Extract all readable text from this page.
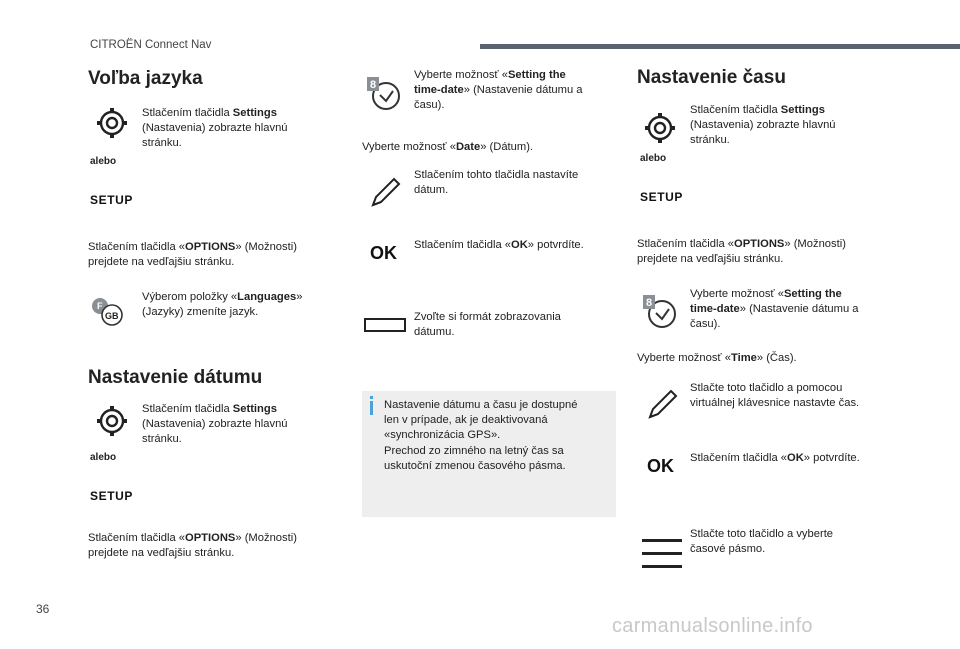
CITROËN Connect Nav
Voľba jazyka
Stlačením tlačidla Settings
(Nastavenia) zobrazte hlavnú
stránku.
alebo
SETUP
Stlačením tlačidla «OPTIONS» (Možnosti)
prejdete na vedľajšiu stránku.
F
GB
Výberom položky «Languages»
(Jazyky) zmeníte jazyk.
Nastavenie dátumu
Stlačením tlačidla Settings
(Nastavenia) zobrazte hlavnú
stránku.
alebo
SETUP
Stlačením tlačidla «OPTIONS» (Možnosti)
prejdete na vedľajšiu stránku.
8
Vyberte možnosť «Setting the
time-date» (Nastavenie dátumu a
času).
Vyberte možnosť «Date» (Dátum).
Stlačením tohto tlačidla nastavíte
dátum.
OK Stlačením tlačidla «OK» potvrdíte.
Zvoľte si formát zobrazovania
dátumu.
Nastavenie dátumu a času je dostupné
len v prípade, ak je deaktivovaná
«synchronizácia GPS».
Prechod zo zimného na letný čas sa
uskutoční zmenou časového pásma.
Nastavenie času
Stlačením tlačidla Settings
(Nastavenia) zobrazte hlavnú
stránku.
alebo
SETUP
Stlačením tlačidla «OPTIONS» (Možnosti)
prejdete na vedľajšiu stránku.
8
Vyberte možnosť «Setting the
time-date» (Nastavenie dátumu a
času).
Vyberte možnosť «Time» (Čas).
Stlačte toto tlačidlo a pomocou
virtuálnej klávesnice nastavte čas.
OK Stlačením tlačidla «OK» potvrdíte.
Stlačte toto tlačidlo a vyberte
časové pásmo.
36
carmanualsonline.info
